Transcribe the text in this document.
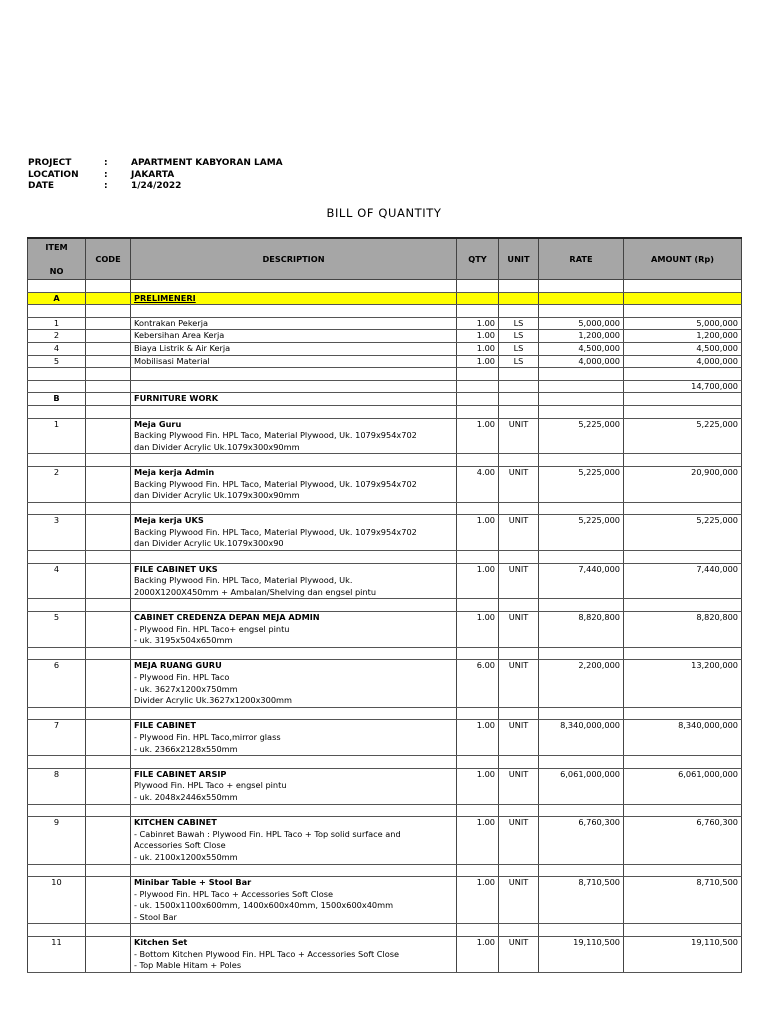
PROJECT	:	APARTMENT KABYORAN LAMA
LOCATION	:	JAKARTA
DATE	:	1/24/2022
BILL OF QUANTITY
ITEM

NO	CODE	DESCRIPTION	QTY	UNIT	RATE	AMOUNT (Rp)

A		PRELIMENERI				

1		Kontrakan Pekerja	1.00	LS	5,000,000	5,000,000
2		Kebersihan Area Kerja	1.00	LS	1,200,000	1,200,000
4		Biaya Listrik & Air Kerja	1.00	LS	4,500,000	4,500,000
5		Mobilisasi Material	1.00	LS	4,000,000	4,000,000

						14,700,000
B		FURNITURE WORK				

1		Meja Guru	1.00	UNIT	5,225,000	5,225,000
		Backing Plywood Fin. HPL Taco, Material Plywood, Uk. 1079x954x702				
		dan Divider Acrylic Uk.1079x300x90mm				

2		Meja kerja Admin	4.00	UNIT	5,225,000	20,900,000
		Backing Plywood Fin. HPL Taco, Material Plywood, Uk. 1079x954x702				
		dan Divider Acrylic Uk.1079x300x90mm				

3		Meja kerja UKS	1.00	UNIT	5,225,000	5,225,000
		Backing Plywood Fin. HPL Taco, Material Plywood, Uk. 1079x954x702				
		dan Divider Acrylic Uk.1079x300x90				

4		FILE CABINET UKS	1.00	UNIT	7,440,000	7,440,000
		Backing Plywood Fin. HPL Taco, Material Plywood, Uk.				
		2000X1200X450mm + Ambalan/Shelving dan engsel pintu				

5		CABINET CREDENZA DEPAN MEJA ADMIN	1.00	UNIT	8,820,800	8,820,800
		- Plywood Fin. HPL Taco+ engsel pintu				
		- uk. 3195x504x650mm				

6		MEJA RUANG GURU	6.00	UNIT	2,200,000	13,200,000
		- Plywood Fin. HPL Taco				
		- uk. 3627x1200x750mm				
		Divider Acrylic Uk.3627x1200x300mm				

7		FILE CABINET	1.00	UNIT	8,340,000,000	8,340,000,000
		- Plywood Fin. HPL Taco,mirror glass				
		- uk. 2366x2128x550mm				

8		FILE CABINET ARSIP	1.00	UNIT	6,061,000,000	6,061,000,000
		Plywood Fin. HPL Taco + engsel pintu				
		- uk. 2048x2446x550mm				

9		KITCHEN CABINET	1.00	UNIT	6,760,300	6,760,300
		- Cabinret Bawah : Plywood Fin. HPL Taco + Top solid surface and				
		Accessories Soft Close				
		- uk. 2100x1200x550mm				

10		Minibar Table + Stool Bar	1.00	UNIT	8,710,500	8,710,500
		- Plywood Fin. HPL Taco + Accessories Soft Close				
		- uk. 1500x1100x600mm, 1400x600x40mm, 1500x600x40mm				
		- Stool Bar				

11		Kitchen Set	1.00	UNIT	19,110,500	19,110,500
		- Bottom Kitchen Plywood Fin. HPL Taco + Accessories Soft Close				
		- Top Mable Hitam + Poles				
